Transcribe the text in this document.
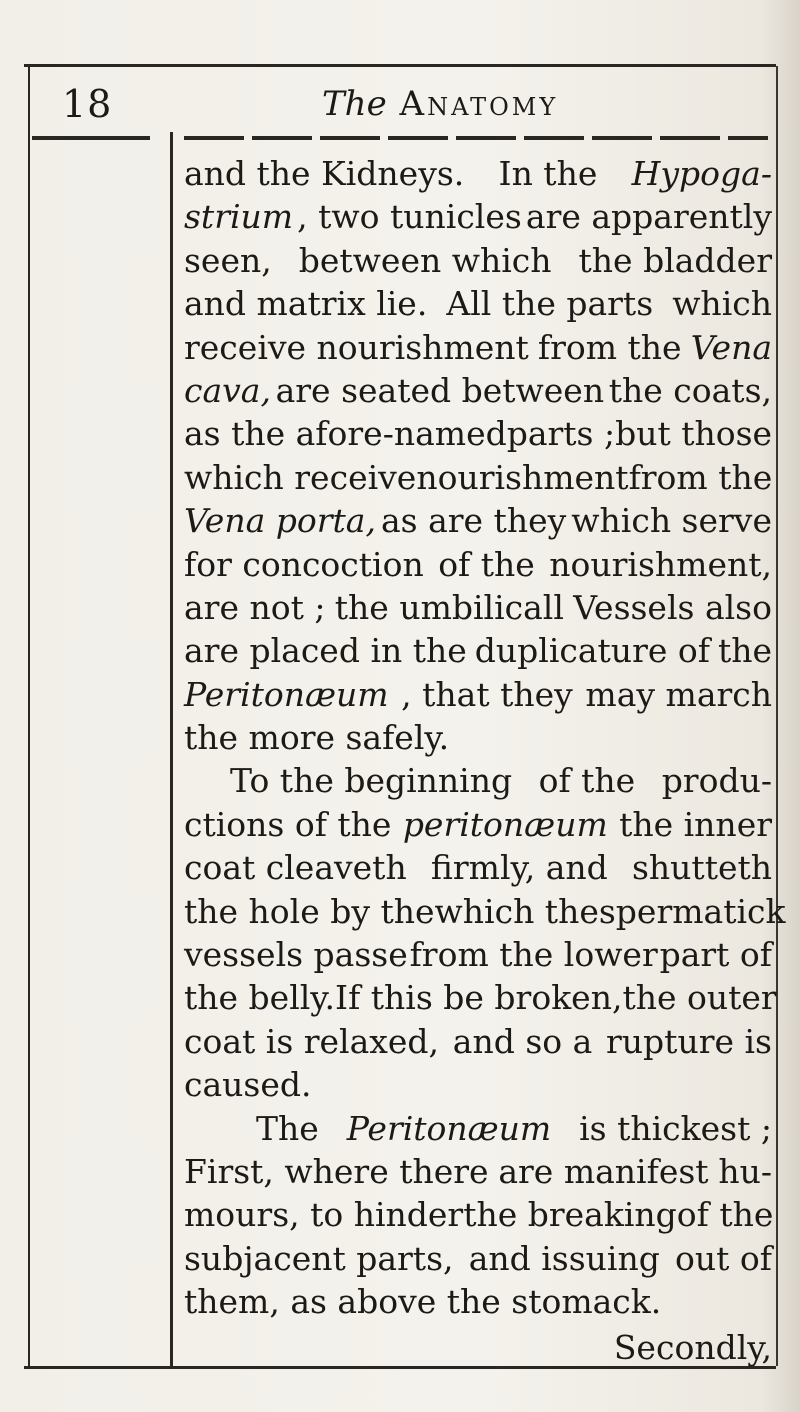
18	The Anatomy
and the Kidneys. In the Hypoga-
strium , two tunicles are apparently
seen, between which the bladder
and matrix lie. All the parts which
receive nourishment from the Vena
cava, are seated between the coats,
as the afore-named parts ; but those
which receive nourishment from the
Vena porta, as are they which serve
for concoction of the nourishment,
are not ; the umbilicall Vessels also
are placed in the duplicature of the
Peritonæum , that they may march
the more safely.
To the beginning of the produ-
ctions of the peritonæum the inner
coat cleaveth firmly, and shutteth
the hole by the which the spermatick
vessels passe from the lower part of
the belly. If this be broken, the outer
coat is relaxed, and so a rupture is
caused.
The Peritonæum is thickest ;
First, where there are manifest hu-
mours, to hinder the breaking of the
subjacent parts, and issuing out of
them, as above the stomack.
Secondly,
